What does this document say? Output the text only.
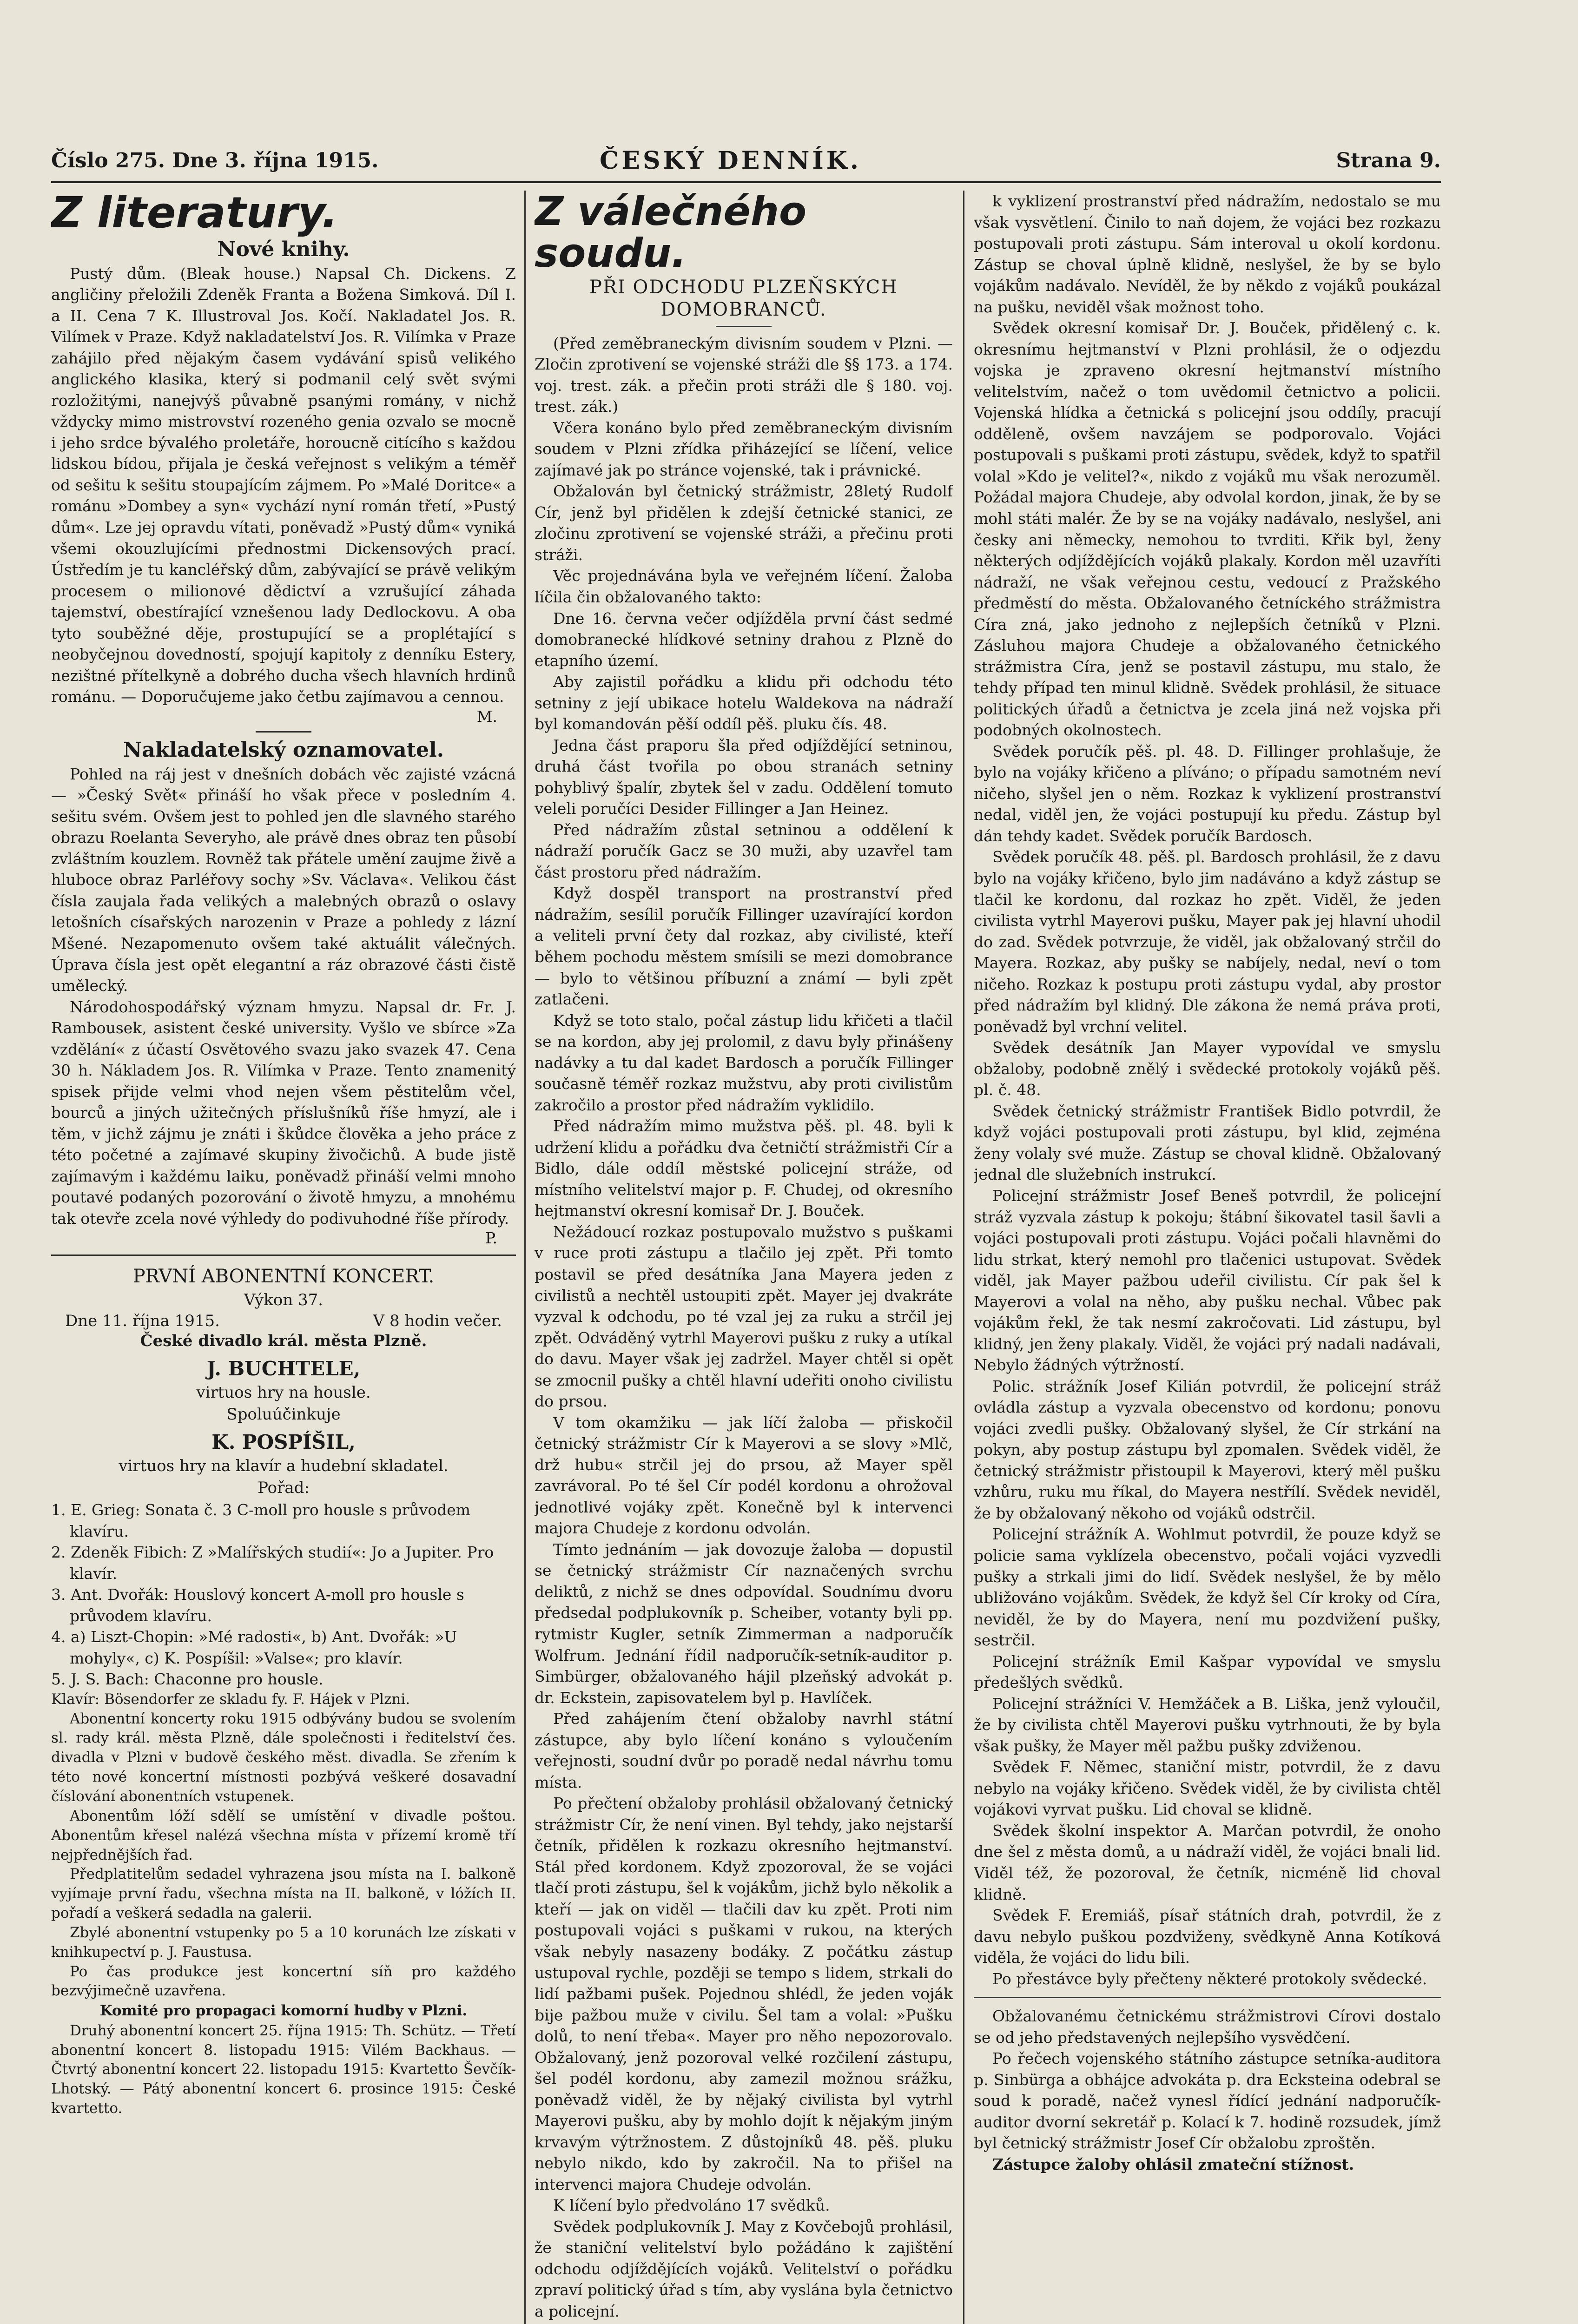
Číslo 275. Dne 3. října 1915.	ČESKÝ DENNÍK.	Strana 9.
Z literatury.
Nové knihy.

Pustý dům. (Bleak house.) Napsal Ch. Dickens. Z angličiny přeložili Zdeněk Franta a Božena Simková. Díl I. a II. Cena 7 K. Illustroval Jos. Kočí. Nakladatel Jos. R. Vilímek v Praze. Když nakladatelství Jos. R. Vilímka v Praze zahájilo před nějakým časem vydávání spisů velikého anglického klasika, který si podmanil celý svět svými rozložitými, nanejvýš půvabně psanými romány, v nichž vždycky mimo mistrovství rozeného genia ozvalo se mocně i jeho srdce bývalého proletáře, horoucně citícího s každou lidskou bídou, přijala je česká veřejnost s velikým a téměř od sešitu k sešitu stoupajícím zájmem. Po »Malé Doritce« a románu »Dombey a syn« vychází nyní román třetí, »Pustý dům«. Lze jej opravdu vítati, poněvadž »Pustý dům« vyniká všemi okouzlujícími přednostmi Dickensových prací. Ústředím je tu kancléřský dům, zabývající se právě velikým procesem o milionové dědictví a vzrušující záhada tajemství, obestírající vznešenou lady Dedlockovu. A oba tyto souběžné děje, prostupující se a proplétající s neobyčejnou dovedností, spojují kapitoly z denníku Estery, nezištné přítelkyně a dobrého ducha všech hlavních hrdinů románu. — Doporučujeme jako četbu zajímavou a cennou.

M.
Nakladatelský oznamovatel.

Pohled na ráj jest v dnešních dobách věc zajisté vzácná — »Český Svět« přináší ho však přece v posledním 4. sešitu svém. Ovšem jest to pohled jen dle slavného starého obrazu Roelanta Severyho, ale právě dnes obraz ten působí zvláštním kouzlem. Rovněž tak přátele umění zaujme živě a hluboce obraz Parléřovy sochy »Sv. Václava«. Velikou část čísla zaujala řada velikých a malebných obrazů o oslavy letošních císařských narozenin v Praze a pohledy z lázní Mšené. Nezapomenuto ovšem také aktuálit válečných. Úprava čísla jest opět elegantní a ráz obrazové části čistě umělecký.

Národohospodářský význam hmyzu. Napsal dr. Fr. J. Rambousek, asistent české university. Vyšlo ve sbírce »Za vzdělání« z účastí Osvětového svazu jako svazek 47. Cena 30 h. Nákladem Jos. R. Vilímka v Praze. Tento znamenitý spisek přijde velmi vhod nejen všem pěstitelům včel, bourců a jiných užitečných příslušníků říše hmyzí, ale i těm, v jichž zájmu je znáti i škůdce člověka a jeho práce z této početné a zajímavé skupiny živočichů. A bude jistě zajímavým i každému laiku, poněvadž přináší velmi mnoho poutavé podaných pozorování o životě hmyzu, a mnohému tak otevře zcela nové výhledy do podivuhodné říše přírody.

P.
PRVNÍ ABONENTNÍ KONCERT.
Výkon 37.
Dne 11. října 1915.	V 8 hodin večer.
České divadlo král. města Plzně.
J. BUCHTELE,
virtuos hry na housle.
Spoluúčinkuje
K. POSPÍŠIL,
virtuos hry na klavír a hudební skladatel.
Pořad:
1. E. Grieg: Sonata č. 3 C-moll pro housle s průvodem klavíru.
2. Zdeněk Fibich: Z »Malířských studií«: Jo a Jupiter. Pro klavír.
3. Ant. Dvořák: Houslový koncert A-moll pro housle s průvodem klavíru.
4. a) Liszt-Chopin: »Mé radosti«, b) Ant. Dvořák: »U mohyly«, c) K. Pospíšil: »Valse«; pro klavír.
5. J. S. Bach: Chaconne pro housle.

Klavír: Bösendorfer ze skladu fy. F. Hájek v Plzni.

Abonentní koncerty roku 1915 odbývány budou se svolením sl. rady král. města Plzně, dále společnosti i ředitelství čes. divadla v Plzni v budově českého měst. divadla. Se zřením k této nové koncertní místnosti pozbývá veškeré dosavadní číslování abonentních vstupenek.

Abonentům lóží sdělí se umístění v divadle poštou. Abonentům křesel nalézá všechna místa v přízemí kromě tří nejpřednějších řad.

Předplatitelům sedadel vyhrazena jsou místa na I. balkoně vyjímaje první řadu, všechna místa na II. balkoně, v lóžích II. pořadí a veškerá sedadla na galerii.

Zbylé abonentní vstupenky po 5 a 10 korunách lze získati v knihkupectví p. J. Faustusa.

Po čas produkce jest koncertní síň pro každého bezvýjimečně uzavřena.

Komité pro propagaci komorní hudby v Plzni.

Druhý abonentní koncert 25. října 1915: Th. Schütz. — Třetí abonentní koncert 8. listopadu 1915: Vilém Backhaus. — Čtvrtý abonentní koncert 22. listopadu 1915: Kvartetto Ševčík-Lhotský. — Pátý abonentní koncert 6. prosince 1915: České kvartetto.

Z válečného soudu.
PŘI ODCHODU PLZEŇSKÝCH
DOMOBRANCŮ.

(Před zeměbraneckým divisním soudem v Plzni. — Zločin zprotivení se vojenské stráži dle §§ 173. a 174. voj. trest. zák. a přečin proti stráži dle § 180. voj. trest. zák.)

Včera konáno bylo před zeměbraneckým divisním soudem v Plzni zřídka přiházející se líčení, velice zajímavé jak po stránce vojenské, tak i právnické.

Obžalován byl četnický strážmistr, 28letý Rudolf Cír, jenž byl přidělen k zdejší četnické stanici, ze zločinu zprotivení se vojenské stráži, a přečinu proti stráži.

Věc projednávána byla ve veřejném líčení. Žaloba líčila čin obžalovaného takto:

Dne 16. června večer odjížděla první část sedmé domobranecké hlídkové setniny drahou z Plzně do etapního území.

Aby zajistil pořádku a klidu při odchodu této setniny z její ubikace hotelu Waldekova na nádraží byl komandován pěší oddíl pěš. pluku čís. 48.

Jedna část praporu šla před odjíždějící setninou, druhá část tvořila po obou stranách setniny pohyblivý špalír, zbytek šel v zadu. Oddělení tomuto veleli poručíci Desider Fillinger a Jan Heinez.

Před nádražím zůstal setninou a oddělení k nádraží poručík Gacz se 30 muži, aby uzavřel tam část prostoru před nádražím.

Když dospěl transport na prostranství před nádražím, sesílil poručík Fillinger uzavírající kordon a veliteli první čety dal rozkaz, aby civilisté, kteří během pochodu městem smísili se mezi domobrance — bylo to většinou příbuzní a známí — byli zpět zatlačeni.

Když se toto stalo, počal zástup lidu křičeti a tlačil se na kordon, aby jej prolomil, z davu byly přinášeny nadávky a tu dal kadet Bardosch a poručík Fillinger současně téměř rozkaz mužstvu, aby proti civilistům zakročilo a prostor před nádražím vyklidilo.

Před nádražím mimo mužstva pěš. pl. 48. byli k udržení klidu a pořádku dva četničtí strážmistři Cír a Bidlo, dále oddíl městské policejní stráže, od místního velitelství major p. F. Chudej, od okresního hejtmanství okresní komisař Dr. J. Bouček.

Nežádoucí rozkaz postupovalo mužstvo s puškami v ruce proti zástupu a tlačilo jej zpět. Při tomto postavil se před desátníka Jana Mayera jeden z civilistů a nechtěl ustoupiti zpět. Mayer jej dvakráte vyzval k odchodu, po té vzal jej za ruku a strčil jej zpět. Odváděný vytrhl Mayerovi pušku z ruky a utíkal do davu. Mayer však jej zadržel. Mayer chtěl si opět se zmocnil pušky a chtěl hlavní udeřiti onoho civilistu do prsou.

V tom okamžiku — jak líčí žaloba — přiskočil četnický strážmistr Cír k Mayerovi a se slovy »Mlč, drž hubu« strčil jej do prsou, až Mayer spěl zavrávoral. Po té šel Cír podél kordonu a ohrožoval jednotlivé vojáky zpět. Konečně byl k intervenci majora Chudeje z kordonu odvolán.

Tímto jednáním — jak dovozuje žaloba — dopustil se četnický strážmistr Cír naznačených svrchu deliktů, z nichž se dnes odpovídal. Soudnímu dvoru předsedal podplukovník p. Scheiber, votanty byli pp. rytmistr Kugler, setník Zimmerman a nadporučík Wolfrum. Jednání řídil nadporučík-setník-auditor p. Simbürger, obžalovaného hájil plzeňský advokát p. dr. Eckstein, zapisovatelem byl p. Havlíček.

Před zahájením čtení obžaloby navrhl státní zástupce, aby bylo líčení konáno s vyloučením veřejnosti, soudní dvůr po poradě nedal návrhu tomu místa.

Po přečtení obžaloby prohlásil obžalovaný četnický strážmistr Cír, že není vinen. Byl tehdy, jako nejstarší četník, přidělen k rozkazu okresního hejtmanství. Stál před kordonem. Když zpozoroval, že se vojáci tlačí proti zástupu, šel k vojákům, jichž bylo několik a kteří — jak on viděl — tlačili dav ku zpět. Proti nim postupovali vojáci s puškami v rukou, na kterých však nebyly nasazeny bodáky. Z počátku zástup ustupoval rychle, později se tempo s lidem, strkali do lidí pažbami pušek. Pojednou shlédl, že jeden voják bije pažbou muže v civilu. Šel tam a volal: »Pušku dolů, to není třeba«. Mayer pro něho nepozorovalo. Obžalovaný, jenž pozoroval velké rozčilení zástupu, šel podél kordonu, aby zamezil možnou srážku, poněvadž viděl, že by nějaký civilista byl vytrhl Mayerovi pušku, aby by mohlo dojít k nějakým jiným krvavým výtržnostem. Z důstojníků 48. pěš. pluku nebylo nikdo, kdo by zakročil. Na to přišel na intervenci majora Chudeje odvolán.

K líčení bylo předvoláno 17 svědků.

Svědek podplukovník J. May z Kovčebojů prohlásil, že staniční velitelství bylo požádáno k zajištění odchodu odjíždějících vojáků. Velitelství o pořádku zpraví politický úřad s tím, aby vyslána byla četnictvo a policejní.

k vyklizení prostranství před nádražím, nedostalo se mu však vysvětlení. Činilo to naň dojem, že vojáci bez rozkazu postupovali proti zástupu. Sám interoval u okolí kordonu. Zástup se choval úplně klidně, neslyšel, že by se bylo vojákům nadávalo. Nevíděl, že by někdo z vojáků poukázal na pušku, neviděl však možnost toho.

Svědek okresní komisař Dr. J. Bouček, přidělený c. k. okresnímu hejtmanství v Plzni prohlásil, že o odjezdu vojska je zpraveno okresní hejtmanství místního velitelstvím, načež o tom uvědomil četnictvo a policii. Vojenská hlídka a četnická s policejní jsou oddíly, pracují odděleně, ovšem navzájem se podporovalo. Vojáci postupovali s puškami proti zástupu, svědek, když to spatřil volal »Kdo je velitel?«, nikdo z vojáků mu však nerozuměl. Požádal majora Chudeje, aby odvolal kordon, jinak, že by se mohl státi malér. Že by se na vojáky nadávalo, neslyšel, ani česky ani německy, nemohou to tvrditi. Křik byl, ženy některých odjíždějících vojáků plakaly. Kordon měl uzavříti nádraží, ne však veřejnou cestu, vedoucí z Pražského předměstí do města. Obžalovaného četníckého strážmistra Círa zná, jako jednoho z nejlepších četníků v Plzni. Zásluhou majora Chudeje a obžalovaného četnického strážmistra Círa, jenž se postavil zástupu, mu stalo, že tehdy případ ten minul klidně. Svědek prohlásil, že situace politických úřadů a četnictva je zcela jiná než vojska při podobných okolnostech.

Svědek poručík pěš. pl. 48. D. Fillinger prohlašuje, že bylo na vojáky křičeno a plíváno; o případu samotném neví ničeho, slyšel jen o něm. Rozkaz k vyklizení prostranství nedal, viděl jen, že vojáci postupují ku předu. Zástup byl dán tehdy kadet. Svědek poručík Bardosch.

Svědek poručík 48. pěš. pl. Bardosch prohlásil, že z davu bylo na vojáky křičeno, bylo jim nadáváno a když zástup se tlačil ke kordonu, dal rozkaz ho zpět. Viděl, že jeden civilista vytrhl Mayerovi pušku, Mayer pak jej hlavní uhodil do zad. Svědek potvrzuje, že viděl, jak obžalovaný strčil do Mayera. Rozkaz, aby pušky se nabíjely, nedal, neví o tom ničeho. Rozkaz k postupu proti zástupu vydal, aby prostor před nádražím byl klidný. Dle zákona že nemá práva proti, poněvadž byl vrchní velitel.

Svědek desátník Jan Mayer vypovídal ve smyslu obžaloby, podobně znělý i svědecké protokoly vojáků pěš. pl. č. 48.

Svědek četnický strážmistr František Bidlo potvrdil, že když vojáci postupovali proti zástupu, byl klid, zejména ženy volaly své muže. Zástup se choval klidně. Obžalovaný jednal dle služebních instrukcí.

Policejní strážmistr Josef Beneš potvrdil, že policejní stráž vyzvala zástup k pokoju; štábní šikovatel tasil šavli a vojáci postupovali proti zástupu. Vojáci počali hlavněmi do lidu strkat, který nemohl pro tlačenici ustupovat. Svědek viděl, jak Mayer pažbou udeřil civilistu. Cír pak šel k Mayerovi a volal na něho, aby pušku nechal. Vůbec pak vojákům řekl, že tak nesmí zakročovati. Lid zástupu, byl klidný, jen ženy plakaly. Viděl, že vojáci prý nadali nadávali, Nebylo žádných výtržností.

Polic. strážník Josef Kilián potvrdil, že policejní stráž ovládla zástup a vyzvala obecenstvo od kordonu; ponovu vojáci zvedli pušky. Obžalovaný slyšel, že Cír strkání na pokyn, aby postup zástupu byl zpomalen. Svědek viděl, že četnický strážmistr přistoupil k Mayerovi, který měl pušku vzhůru, ruku mu říkal, do Mayera nestřílí. Svědek neviděl, že by obžalovaný někoho od vojáků odstrčil.

Policejní strážník A. Wohlmut potvrdil, že pouze když se policie sama vyklízela obecenstvo, počali vojáci vyzvedli pušky a strkali jimi do lidí. Svědek neslyšel, že by mělo ubližováno vojákům. Svědek, že když šel Cír kroky od Círa, neviděl, že by do Mayera, není mu pozdvižení pušky, sestrčil.

Policejní strážník Emil Kašpar vypovídal ve smyslu předešlých svědků.

Policejní strážníci V. Hemžáček a B. Liška, jenž vyloučil, že by civilista chtěl Mayerovi pušku vytrhnouti, že by byla však pušky, že Mayer měl pažbu pušky zdviženou.

Svědek F. Němec, staniční mistr, potvrdil, že z davu nebylo na vojáky křičeno. Svědek viděl, že by civilista chtěl vojákovi vyrvat pušku. Lid choval se klidně.

Svědek školní inspektor A. Marčan potvrdil, že onoho dne šel z města domů, a u nádraží viděl, že vojáci bnali lid. Viděl též, že pozoroval, že četník, nicméně lid choval klidně.

Svědek F. Eremiáš, písař státních drah, potvrdil, že z davu nebylo puškou pozdviženy, svědkyně Anna Kotíková viděla, že vojáci do lidu bili.

Po přestávce byly přečteny některé protokoly svědecké.

Obžalovanému četnickému strážmistrovi Círovi dostalo se od jeho představených nejlepšího vysvědčení.

Po řečech vojenského státního zástupce setníka-auditora p. Sinbürga a obhájce advokáta p. dra Ecksteina odebral se soud k poradě, načež vynesl řídící jednání nadporučík-auditor dvorní sekretář p. Kolací k 7. hodině rozsudek, jímž byl četnický strážmistr Josef Cír obžalobu zproštěn.

Zástupce žaloby ohlásil zmateční stížnost.
